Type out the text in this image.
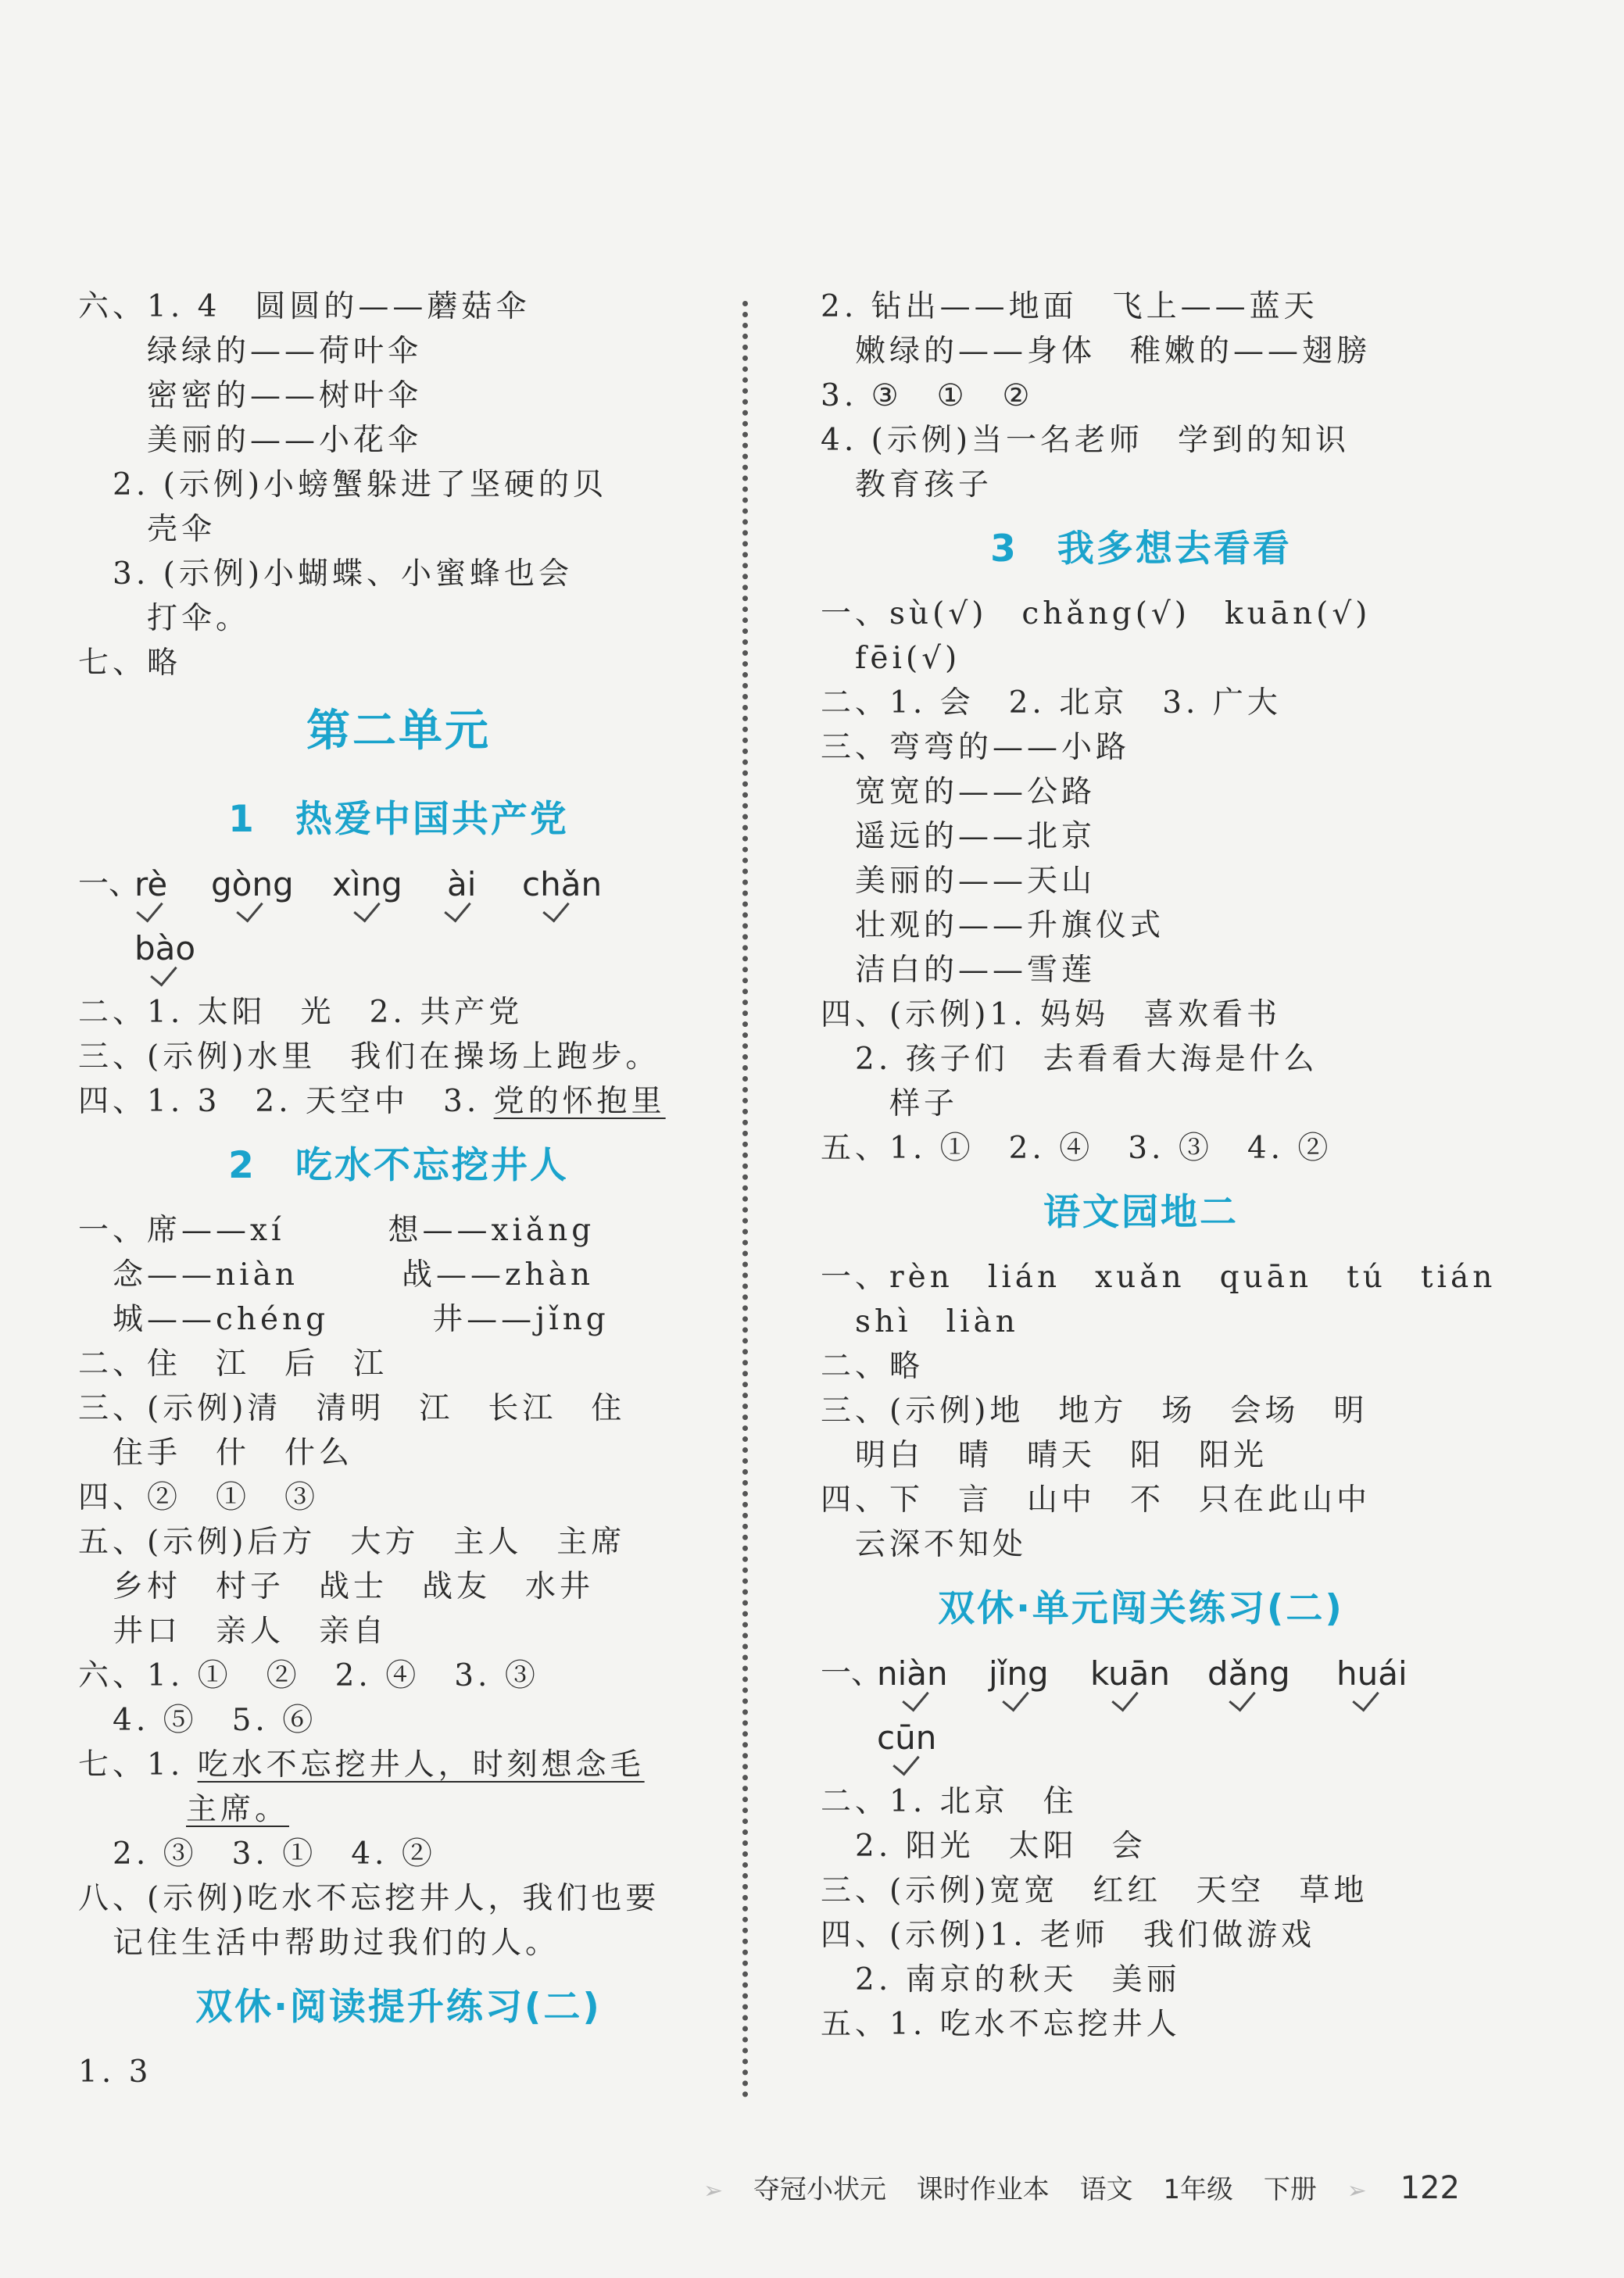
六、1. 4　圆圆的——蘑菇伞
　　绿绿的——荷叶伞
　　密密的——树叶伞
　　美丽的——小花伞
　2. (示例)小螃蟹躲进了坚硬的贝
　　壳伞
　3. (示例)小蝴蝶、小蜜蜂也会
　　打伞。
七、略
第二单元
1　热爱中国共产党
一、
rè gòng xìng ài chǎn
bào
二、1. 太阳　光　2. 共产党
三、(示例)水里　我们在操场上跑步。
四、1. 3　2. 天空中　3. 党的怀抱里
2　吃水不忘挖井人
一、席——xí　　　想——xiǎng
　念——niàn　　　战——zhàn
　城——chéng　　　井——jǐng
二、住　江　后　江
三、(示例)清　清明　江　长江　住
　住手　什　什么
四、②　①　③
五、(示例)后方　大方　主人　主席
　乡村　村子　战士　战友　水井
　井口　亲人　亲自
六、1. ①　②　2. ④　3. ③
　4. ⑤　5. ⑥
七、1. 吃水不忘挖井人，时刻想念毛
主席。
　2. ③　3. ①　4. ②
八、(示例)吃水不忘挖井人，我们也要
　记住生活中帮助过我们的人。
双休·阅读提升练习(二)
1. 3
2. 钻出——地面　飞上——蓝天
　嫩绿的——身体　稚嫩的——翅膀
3. ③　①　②
4. (示例)当一名老师　学到的知识
　教育孩子
3　我多想去看看
一、sù(√)　chǎng(√)　kuān(√)
　fēi(√)
二、1. 会　2. 北京　3. 广大
三、弯弯的——小路
　宽宽的——公路
　遥远的——北京
　美丽的——天山
　壮观的——升旗仪式
　洁白的——雪莲
四、(示例)1. 妈妈　喜欢看书
　2. 孩子们　去看看大海是什么
　　样子
五、1. ①　2. ④　3. ③　4. ②
语文园地二
一、rèn　lián　xuǎn　quān　tú　tián
　shì　liàn
二、略
三、(示例)地　地方　场　会场　明
　明白　晴　晴天　阳　阳光
四、下　言　山中　不　只在此山中
　云深不知处
双休·单元闯关练习(二)
一、
niàn jǐng kuān dǎng huái
cūn
二、1. 北京　住
　2. 阳光　太阳　会
三、(示例)宽宽　红红　天空　草地
四、(示例)1. 老师　我们做游戏
　2. 南京的秋天　美丽
五、1. 吃水不忘挖井人
➢ 夺冠小状元 课时作业本 语文 1年级 下册 ➢ 122
